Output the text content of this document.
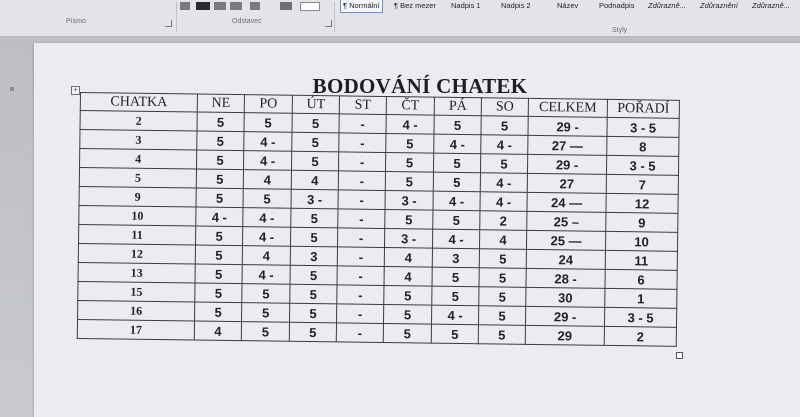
Písmo	Odstavec
¶ Normální	¶ Bez mezer Nadpis 1	Nadpis 2	Název	Podnadpis Zdůrazně... Zdůraznění Zdůrazně...
Styly
+	BODOVÁNÍ CHATEK
CHATKA	NE	PO	ÚT	ST	ČT	PÁ	SO	CELKEM	POŘADÍ
2	5	5	5	-	4 -	5	5	29 -	3 - 5
3	5	4 -	5	-	5	4 -	4 -	27 —	8
4	5	4 -	5	-	5	5	5	29 -	3 - 5
5	5	4	4	-	5	5	4 -	27	7
9	5	5	3 -	-	3 -	4 -	4 -	24 —	12
10	4 -	4 -	5	-	5	5	2	25 –	9
11	5	4 -	5	-	3 -	4 -	4	25 —	10
12	5	4	3	-	4	3	5	24	11
13	5	4 -	5	-	4	5	5	28 -	6
15	5	5	5	-	5	5	5	30	1
16	5	5	5	-	5	4 -	5	29 -	3 - 5
17	4	5	5	-	5	5	5	29	2
